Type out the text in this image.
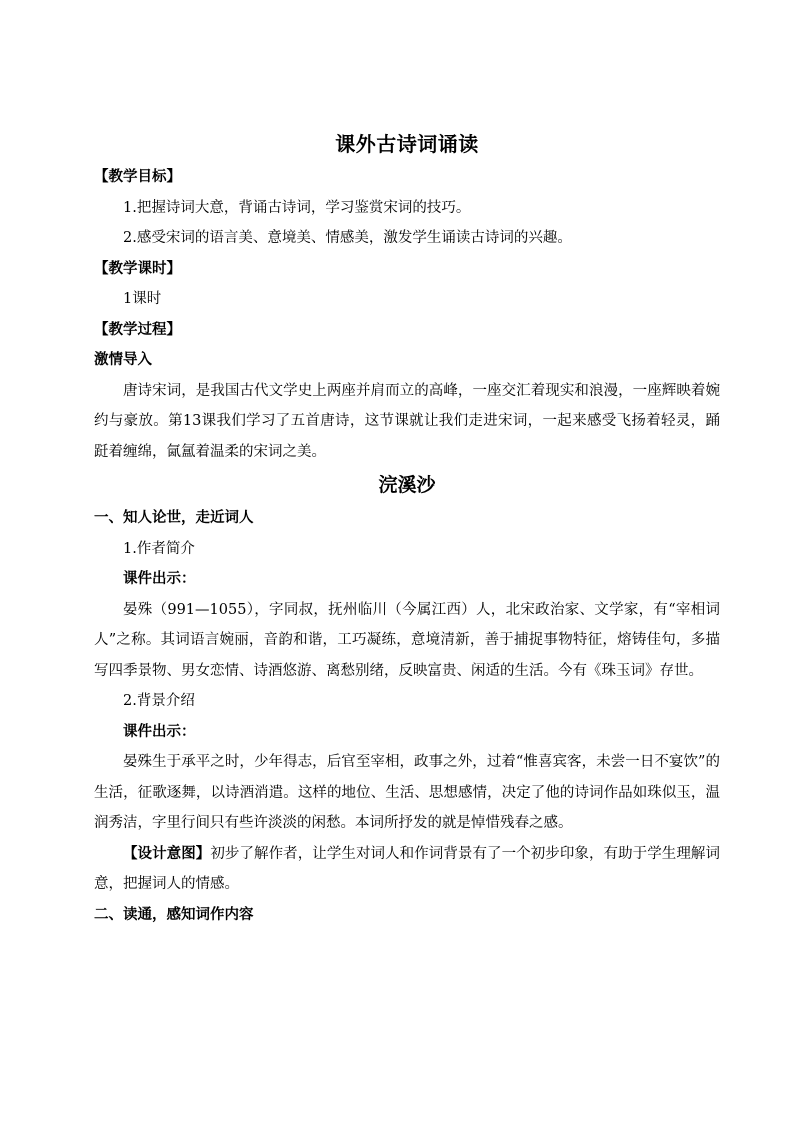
课外古诗词诵读

【教学目标】

1.把握诗词大意，背诵古诗词，学习鉴赏宋词的技巧。

2.感受宋词的语言美、意境美、情感美，激发学生诵读古诗词的兴趣。

【教学课时】

1课时

【教学过程】

激情导入

唐诗宋词，是我国古代文学史上两座并肩而立的高峰，一座交汇着现实和浪漫，一座辉映着婉约与豪放。第13课我们学习了五首唐诗，这节课就让我们走进宋词，一起来感受飞扬着轻灵，踊跹着缠绵，氤氲着温柔的宋词之美。

浣溪沙

一、知人论世，走近词人

1.作者简介

课件出示：

晏殊（991—1055），字同叔，抚州临川（今属江西）人，北宋政治家、文学家，有“宰相词人”之称。其词语言婉丽，音韵和谐，工巧凝练，意境清新，善于捕捉事物特征，熔铸佳句，多描写四季景物、男女恋情、诗酒悠游、离愁别绪，反映富贵、闲适的生活。今有《珠玉词》存世。

2.背景介绍

课件出示：

晏殊生于承平之时，少年得志，后官至宰相，政事之外，过着“惟喜宾客，未尝一日不宴饮”的生活，征歌逐舞，以诗酒消遣。这样的地位、生活、思想感情，决定了他的诗词作品如珠似玉，温润秀洁，字里行间只有些许淡淡的闲愁。本词所抒发的就是悼惜残春之感。

【设计意图】初步了解作者，让学生对词人和作词背景有了一个初步印象，有助于学生理解词意，把握词人的情感。

二、读通，感知词作内容
